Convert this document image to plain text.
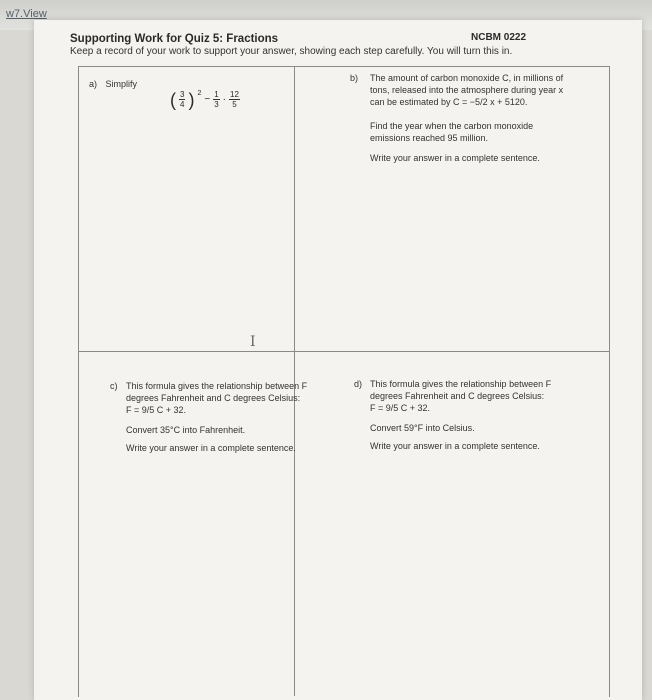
w7.View
Supporting Work for Quiz 5: Fractions	NCBM 0222
Keep a record of your work to support your answer, showing each step carefully. You will turn this in.
a) Simplify
( $\frac{3}{4}$ ) 2
− $\frac{1}{3} \cdot \frac{12}{5}$
b) The amount of carbon monoxide C, in millions of
tons, released into the atmosphere during year x
can be estimated by C = −5/2 x + 5120.
Find the year when the carbon monoxide
emissions reached 95 million.
Write your answer in a complete sentence.
I
c) This formula gives the relationship between F
degrees Fahrenheit and C degrees Celsius:
F = 9/5 C + 32.
Convert 35°C into Fahrenheit.
Write your answer in a complete sentence.
d) This formula gives the relationship between F
degrees Fahrenheit and C degrees Celsius:
F = 9/5 C + 32.
Convert 59°F into Celsius.
Write your answer in a complete sentence.
